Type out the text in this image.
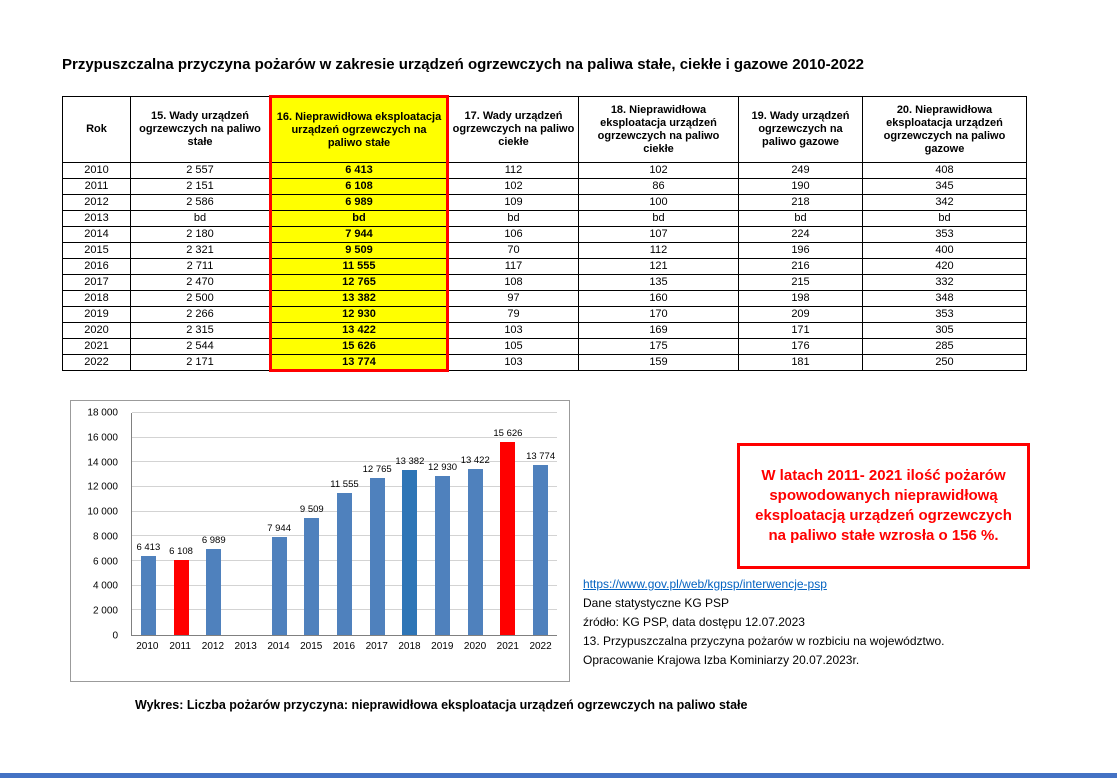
Przypuszczalna przyczyna pożarów w zakresie urządzeń ogrzewczych na paliwa stałe, ciekłe i gazowe 2010-2022
Rok	15. Wady urządzeń ogrzewczych na paliwo stałe	16. Nieprawidłowa eksploatacja urządzeń ogrzewczych na paliwo stałe	17. Wady urządzeń ogrzewczych na paliwo ciekłe	18. Nieprawidłowa eksploatacja urządzeń ogrzewczych na paliwo ciekłe	19. Wady urządzeń ogrzewczych na paliwo gazowe	20. Nieprawidłowa eksploatacja urządzeń ogrzewczych na paliwo gazowe
2010	2 557	6 413	112	102	249	408
2011	2 151	6 108	102	86	190	345
2012	2 586	6 989	109	100	218	342
2013	bd	bd	bd	bd	bd	bd
2014	2 180	7 944	106	107	224	353
2015	2 321	9 509	70	112	196	400
2016	2 711	11 555	117	121	216	420
2017	2 470	12 765	108	135	215	332
2018	2 500	13 382	97	160	198	348
2019	2 266	12 930	79	170	209	353
2020	2 315	13 422	103	169	171	305
2021	2 544	15 626	105	175	176	285
2022	2 171	13 774	103	159	181	250
0
2 000
4 000
6 000
8 000
10 000
12 000
14 000
16 000
18 000
6 413 6 108
6 989
7 944
9 509
11 555
12 765
13 382
12 930
13 422
15 626
13 774
2010	2011	2012	2013	2014	2015	2016	2017	2018	2019	2020	2021	2022
W latach 2011- 2021 ilość pożarów spowodowanych nieprawidłową eksploatacją urządzeń ogrzewczych na paliwo stałe wzrosła o 156 %.
https://www.gov.pl/web/kgpsp/interwencje-psp
Dane statystyczne KG PSP
źródło: KG PSP, data dostępu 12.07.2023
13. Przypuszczalna przyczyna pożarów w rozbiciu na województwo.
Opracowanie Krajowa Izba Kominiarzy 20.07.2023r.
Wykres: Liczba pożarów przyczyna: nieprawidłowa eksploatacja urządzeń ogrzewczych na paliwo stałe
